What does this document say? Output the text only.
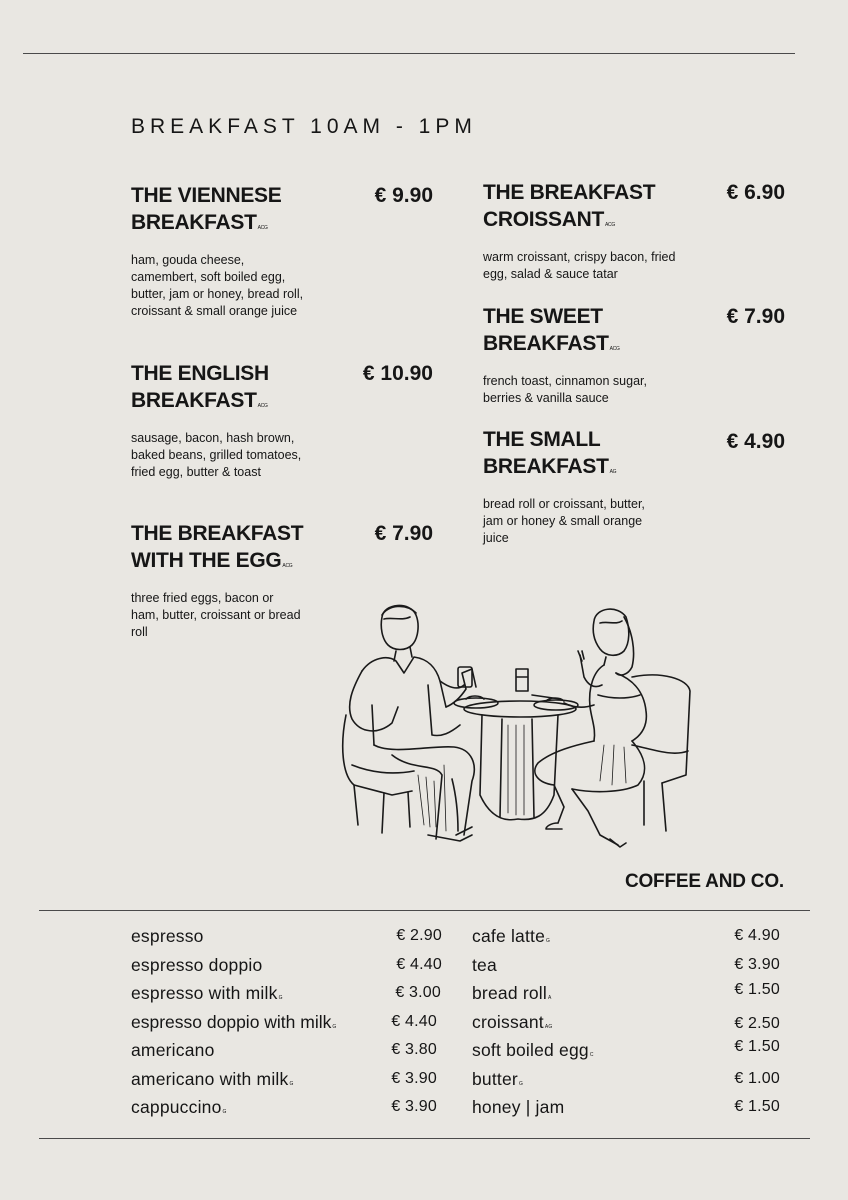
BREAKFAST 10AM - 1PM
THE VIENNESE BREAKFASTACG
€ 9.90
ham, gouda cheese, camembert, soft boiled egg, butter, jam or honey, bread roll, croissant & small orange juice
THE ENGLISH BREAKFASTACG
€ 10.90
sausage, bacon, hash brown, baked beans, grilled tomatoes, fried egg, butter & toast
THE BREAKFAST WITH THE EGGACG
€ 7.90
three fried eggs, bacon or ham, butter, croissant or bread roll
THE BREAKFAST CROISSANTACG
€ 6.90
warm croissant, crispy bacon, fried egg, salad & sauce tatar
THE SWEET BREAKFASTACG
€ 7.90
french toast, cinnamon sugar, berries & vanilla sauce
THE SMALL BREAKFASTAG
€ 4.90
bread roll or croissant, butter, jam or honey & small orange juice
COFFEE AND CO.
espresso	€ 2.90
espresso doppio	€ 4.40
espresso with milkG	€ 3.00
espresso doppio with milkG	€ 4.40
americano	€ 3.80
americano with milkG	€ 3.90
cappuccinoG	€ 3.90
cafe latteG	€ 4.90
tea	€ 3.90
bread rollA	€ 1.50
croissantAG	€ 2.50
soft boiled eggC	€ 1.50
butterG	€ 1.00
honey | jam	€ 1.50
